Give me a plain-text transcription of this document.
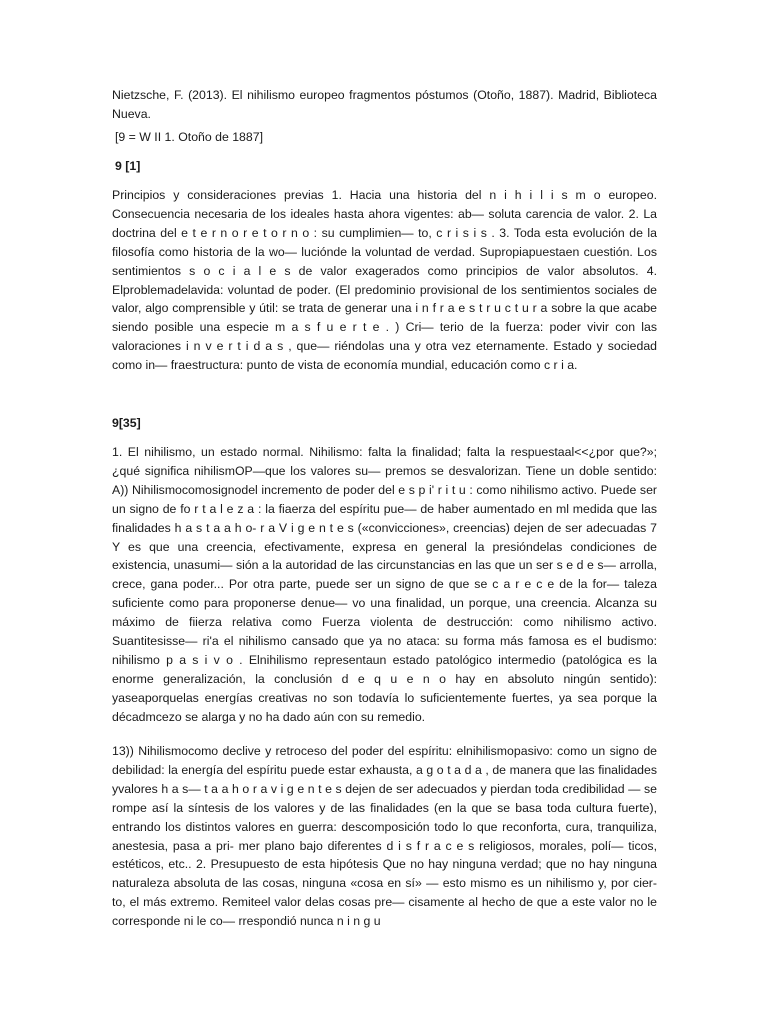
Nietzsche, F. (2013). El nihilismo europeo fragmentos póstumos (Otoño, 1887). Madrid, Biblioteca Nueva.

[9 = W II 1. Otoño de 1887]

9 [1]

Principios y consideraciones previas 1. Hacia una historia del n i h i l i s m o europeo. Consecuencia necesaria de los ideales hasta ahora vigentes: ab— soluta carencia de valor. 2. La doctrina del e t e r n o r e t o r n o : su cumplimien— to, c r i s i s . 3. Toda esta evolución de la filosofía como historia de la wo— luciónde la voluntad de verdad. Supropiapuestaen cuestión. Los sentimientos s o c i a l e s de valor exagerados como principios de valor absolutos. 4. Elproblemadelavida: voluntad de poder. (El predominio provisional de los sentimientos sociales de valor, algo comprensible y útil: se trata de generar una i n f r a e s t r u c t u r a sobre la que acabe siendo posible una especie m a s f u e r t e . ) Cri— terio de la fuerza: poder vivir con las valoraciones i n v e r t i d a s , que— riéndolas una y otra vez eternamente. Estado y sociedad como in— fraestructura: punto de vista de economía mundial, educación como c r i a.

9[35]

1. El nihilismo, un estado normal. Nihilismo: falta la finalidad; falta la respuestaal<<¿por que?»;¿qué significa nihilismOP—que los valores su— premos se desvalorizan. Tiene un doble sentido: A)) Nihilismocomosignodel incremento de poder del e s p i' r i t u : como nihilismo activo. Puede ser un signo de fo r t a l e z a : la fiaerza del espíritu pue— de haber aumentado en ml medida que las finalidades h a s t a a h o- r a V i g e n t e s («convicciones», creencias) dejen de ser adecuadas 7 Y es que una creencia, efectivamente, expresa en general la presióndelas condiciones de existencia, unasumi— sión a la autoridad de las circunstancias en las que un ser s e d e s— arrolla, crece, gana poder... Por otra parte, puede ser un signo de que se c a r e c e de la for— taleza suficiente como para proponerse denue— vo una finalidad, un porque, una creencia. Alcanza su máximo de fiierza relativa como Fuerza violenta de destrucción: como nihilismo activo. Suantitesisse— ri'a el nihilismo cansado que ya no ataca: su forma más famosa es el budismo: nihilismo p a s i v o . Elnihilismo representaun estado patológico intermedio (patológica es la enorme generalización, la conclusión d e q u e n o hay en absoluto ningún sentido): yaseaporquelas energías creativas no son todavía lo suficientemente fuertes, ya sea porque la décadmcezo se alarga y no ha dado aún con su remedio.

13)) Nihilismocomo declive y retroceso del poder del espíritu: elnihilismopasivo: como un signo de debilidad: la energía del espíritu puede estar exhausta, a g o t a d a , de manera que las finalidades yvalores h a s— t a a h o r a v i g e n t e s dejen de ser adecuados y pierdan toda credibilidad — se rompe así la síntesis de los valores y de las finalidades (en la que se basa toda cultura fuerte), entrando los distintos valores en guerra: descomposición todo lo que reconforta, cura, tranquiliza, anestesia, pasa a pri- mer plano bajo diferentes d i s f r a c e s religiosos, morales, polí— ticos, estéticos, etc.. 2. Presupuesto de esta hipótesis Que no hay ninguna verdad; que no hay ninguna naturaleza absoluta de las cosas, ninguna «cosa en sí» — esto mismo es un nihilismo y, por cier- to, el más extremo. Remiteel valor delas cosas pre— cisamente al hecho de que a este valor no le corresponde ni le co— rrespondió nunca n i n g u
